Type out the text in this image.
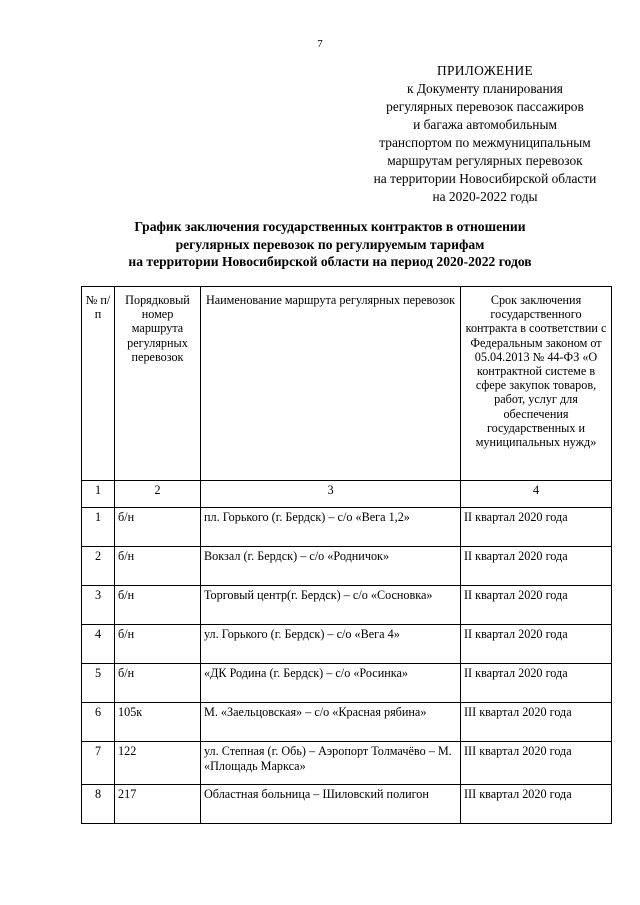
7
ПРИЛОЖЕНИЕ
к Документу планирования
регулярных перевозок пассажиров
и багажа автомобильным
транспортом по межмуниципальным
маршрутам регулярных перевозок
на территории Новосибирской области
на 2020-2022 годы
График заключения государственных контрактов в отношении
регулярных перевозок по регулируемым тарифам
на территории Новосибирской области на период 2020-2022 годов
№ п/п	Порядковый номер маршрута регулярных перевозок	Наименование маршрута регулярных перевозок	Срок заключения государственного контракта в соответствии с Федеральным законом от 05.04.2013 № 44-ФЗ «О контрактной системе в сфере закупок товаров, работ, услуг для обеспечения государственных и муниципальных нужд»
1	2	3	4
1	б/н	пл. Горького (г. Бердск) – с/о «Вега 1,2»	II квартал 2020 года
2	б/н	Вокзал (г. Бердск) – с/о «Родничок»	II квартал 2020 года
3	б/н	Торговый центр(г. Бердск) – с/о «Сосновка»	II квартал 2020 года
4	б/н	ул. Горького (г. Бердск) – с/о «Вега 4»	II квартал 2020 года
5	б/н	«ДК Родина (г. Бердск) – с/о «Росинка»	II квартал 2020 года
6	105к	М. «Заельцовская» – с/о «Красная рябина»	III квартал 2020 года
7	122	ул. Степная (г. Обь) – Аэропорт Толмачёво – М. «Площадь Маркса»	III квартал 2020 года
8	217	Областная больница – Шиловский полигон	III квартал 2020 года
